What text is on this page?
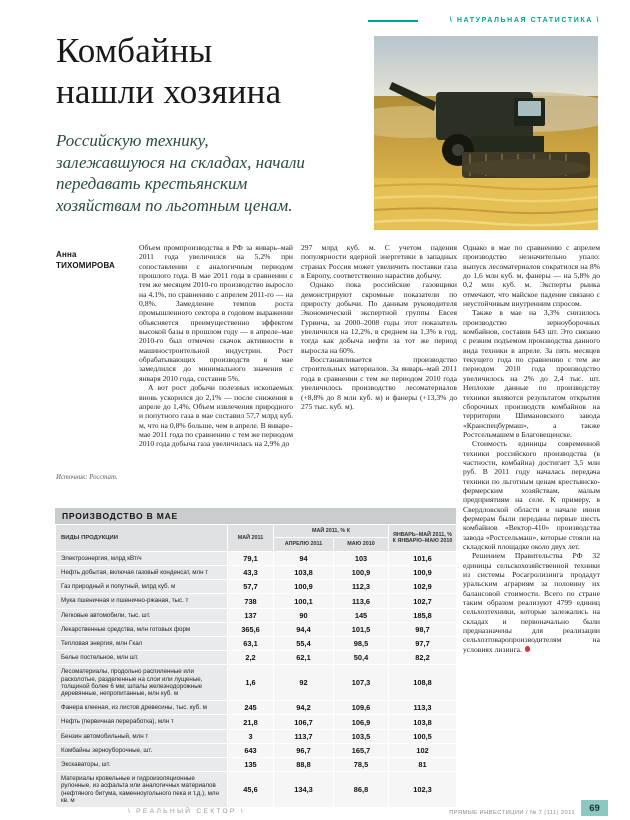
\ НАТУРАЛЬНАЯ СТАТИСТИКА \
Комбайны
нашли хозяина
Российскую технику, залежавшуюся на складах, начали передавать крестьянским хозяйствам по льготным ценам.
Анна
ТИХОМИРОВА
Источник: Росстат.

Объем промпроизводства в РФ за январь–май 2011 года увеличился на 5,2% при сопоставлении с аналогичным периодом прошлого года. В мае 2011 года в сравнении с тем же месяцем 2010-го производство выросло на 4,1%, по сравнению с апрелем 2011-го — на 0,8%. Замедление темпов роста промышленного сектора в годовом выражении объясняется преимущественно эффектом высокой базы в прошлом году — в апреле–мае 2010-го был отмечен скачок активности в машиностроительной индустрии. Рост обрабатывающих производств в мае замедлился до минимального значения с января 2010 года, составив 5%.

А вот рост добычи полезных ископаемых вновь ускорился до 2,1% — после снижения в апреле до 1,4%. Объем извлечения природного и попутного газа в мае составил 57,7 млрд куб. м, что на 0,8% больше, чем в апреле. В январе–мае 2011 года по сравнению с тем же периодом 2010 года добыча газа увеличилась на 2,9% до

297 млрд куб. м. С учетом падения популярности ядерной энергетики в западных странах Россия может увеличить поставки газа в Европу, соответственно нарастив добычу.

Однако пока российские газовщики демонстрируют скромные показатели по приросту добычи. По данным руководителя Экономической экспертной группы Евсея Гурвича, за 2000–2008 годы этот показатель увеличился на 12,2%, в среднем на 1,3% в год, тогда как добыча нефти за тот же период выросла на 60%.

Восстанавливается производство строительных материалов. За январь–май 2011 года в сравнении с тем же периодом 2010 года увеличилось производство лесоматериалов (+8,8% до 8 млн куб. м) и фанеры (+13,3% до 275 тыс. куб. м).

Однако в мае по сравнению с апрелем производство незначительно упало: выпуск лесоматериалов сократился на 8% до 1,6 млн куб. м, фанеры — на 5,8% до 0,2 млн куб. м. Эксперты рынка отмечают, что майское падение связано с неустойчивым внутренним спросом.

Также в мае на 3,3% снизилось производство зерноуборочных комбайнов, составив 643 шт. Это связано с резким подъемом производства данного вида техники в апреле. За пять месяцев текущего года по сравнению с тем же периодом 2010 года производство увеличилось на 2% до 2,4 тыс. шт. Неплохие данные по производству техники являются результатом открытия сборочных производств комбайнов на территории Шимановского завода «Кранспецбурмаш», а также Ростсельмашем в Благовещенске.

Стоимость единицы современной техники российского производства (в частности, комбайна) достигает 3,5 млн руб. В 2011 году началась передача техники по льготным ценам крестьянско-фермерским хозяйствам, малым предприятиям на селе. К примеру, в Свердловской области в начале июня фермерам были переданы первые шесть комбайнов «Вектор-410» производства завода «Ростсельмаш», которые стояли на складской площадке около двух лет.

Решением Правительства РФ 32 единицы сельскохозяйственной техники из системы Росагролизинга продадут уральским аграриям за половину их балансовой стоимости. Всего по стране таким образом реализуют 4799 единиц сельхозтехники, которые залежались на складах и первоначально были предназначены для реализации сельхозтоваропроизводителям на условиях лизинга.

ПРОИЗВОДСТВО В МАЕ
ВИДЫ ПРОДУКЦИИ	МАЙ 2011	МАЙ 2011, % К		ЯНВАРЬ–МАЙ 2011, % К ЯНВАРЮ–МАЮ 2010
		АПРЕЛЮ 2011	МАЮ 2010	
Электроэнергия, млрд кВт/ч	79,1	94	103	101,6
Нефть добытая, включая газовый конденсат, млн т	43,3	103,8	100,9	100,9
Газ природный и попутный, млрд куб. м	57,7	100,9	112,3	102,9
Мука пшеничная и пшенично-ржаная, тыс. т	738	100,1	113,6	102,7
Легковые автомобили, тыс. шт.	137	90	145	185,8
Лекарственные средства, млн готовых форм	365,6	94,4	101,5	98,7
Тепловая энергия, млн Гкал	63,1	55,4	98,5	97,7
Белье постельное, млн шт.	2,2	62,1	50,4	82,2
Лесоматериалы, продольно распиленные или расколотые, разделенные на слои или лущеные, толщиной более 6 мм; шпалы железнодорожные деревянные, непропитанные, млн куб. м	1,6	92	107,3	108,8
Фанера клееная, из листов древесины, тыс. куб. м	245	94,2	109,6	113,3
Нефть (первичная переработка), млн т	21,8	106,7	106,9	103,8
Бензин автомобильный, млн т	3	113,7	103,5	100,5
Комбайны зерноуборочные, шт.	643	96,7	165,7	102
Экскаваторы, шт.	135	88,8	78,5	81
Материалы кровельные и гидроизоляционные рулонные, из асфальта или аналогичных материалов (нефтяного битума, каменноугольного пека и т.д.), млн кв. м	45,6	134,3	86,8	102,3
\ РЕАЛЬНЫЙ СЕКТОР \	ПРЯМЫЕ ИНВЕСТИЦИИ / № 7 (111) 2011	69
